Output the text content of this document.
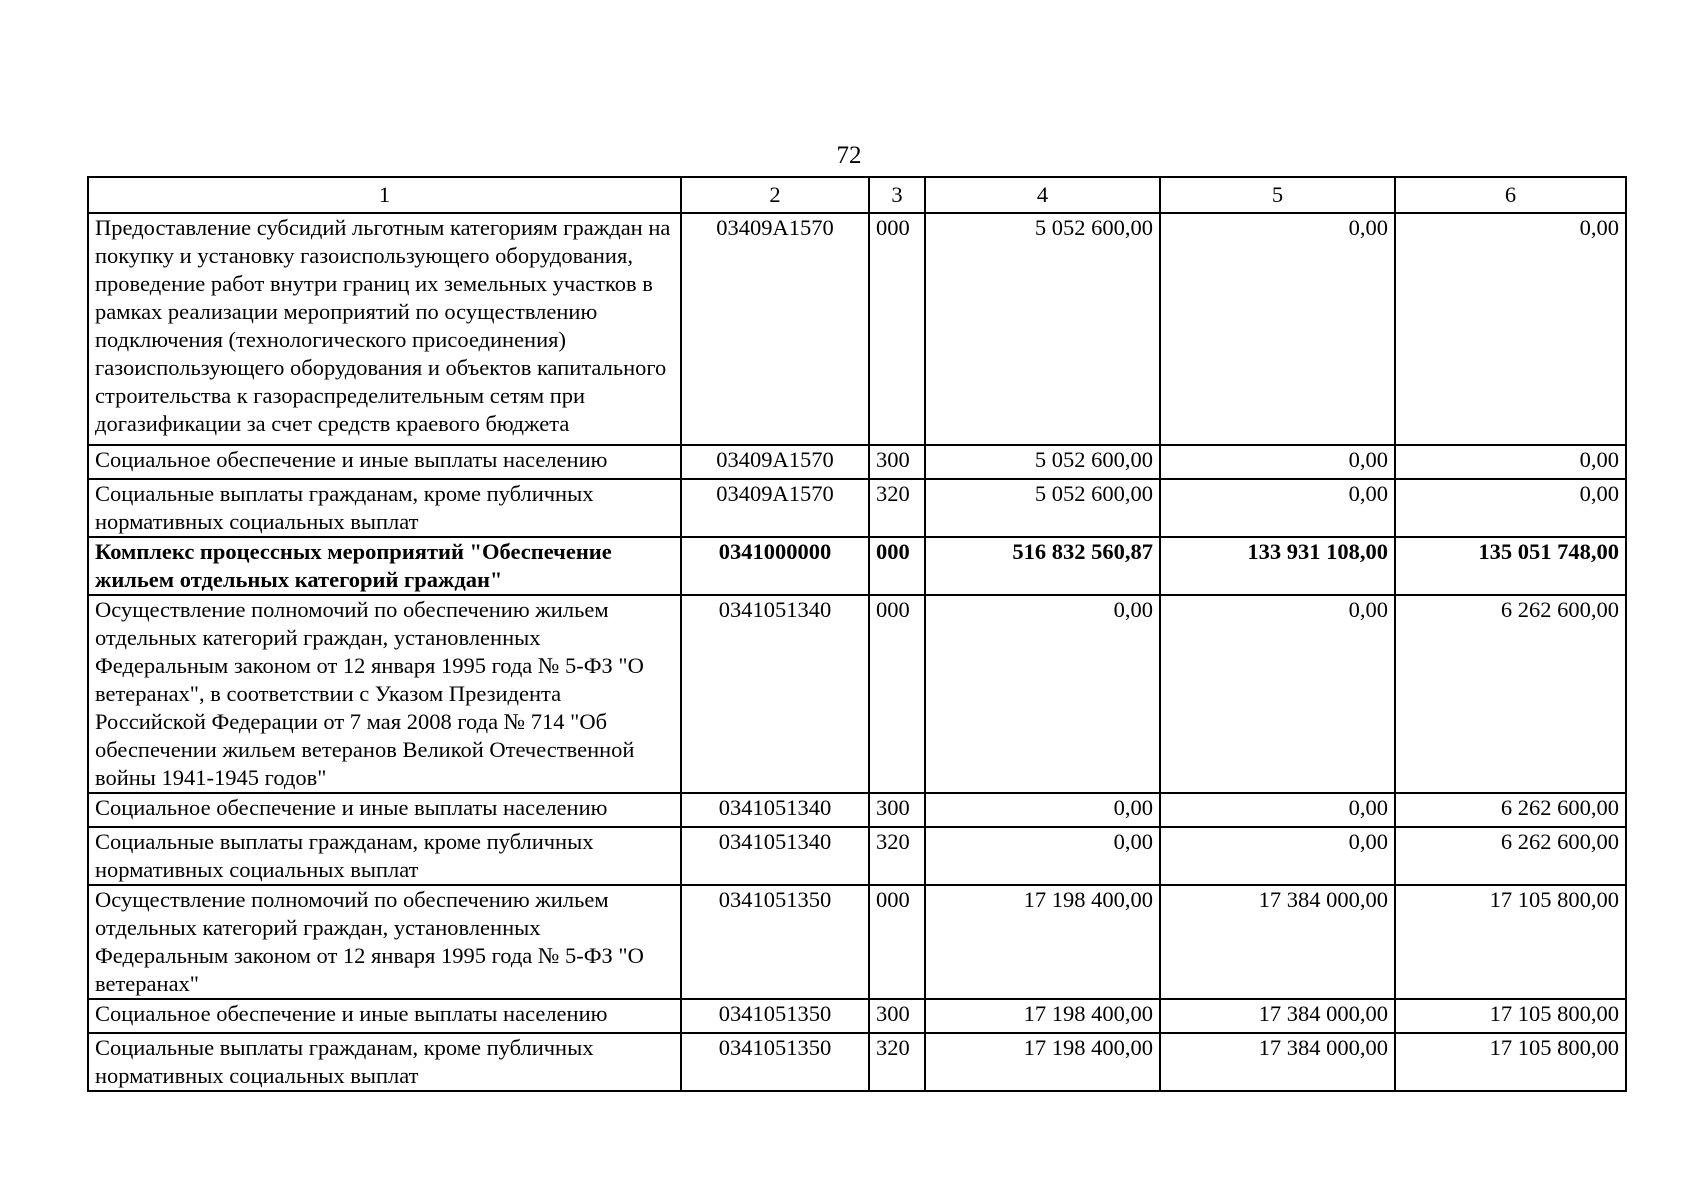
72
1	2	3	4	5	6
Предоставление субсидий льготным категориям граждан на покупку и установку газоиспользующего оборудования, проведение работ внутри границ их земельных участков в рамках реализации мероприятий по осуществлению подключения (технологического присоединения) газоиспользующего оборудования и объектов капитального строительства к газораспределительным сетям при догазификации за счет средств краевого бюджета	03409А1570	000	5 052 600,00	0,00	0,00
Социальное обеспечение и иные выплаты населению	03409А1570	300	5 052 600,00	0,00	0,00
Социальные выплаты гражданам, кроме публичных нормативных социальных выплат	03409А1570	320	5 052 600,00	0,00	0,00
Комплекс процессных мероприятий "Обеспечение жильем отдельных категорий граждан"	0341000000	000	516 832 560,87	133 931 108,00	135 051 748,00
Осуществление полномочий по обеспечению жильем отдельных категорий граждан, установленных Федеральным законом от 12 января 1995 года № 5-ФЗ "О ветеранах", в соответствии с Указом Президента Российской Федерации от 7 мая 2008 года № 714 "Об обеспечении жильем ветеранов Великой Отечественной войны 1941-1945 годов"	0341051340	000	0,00	0,00	6 262 600,00
Социальное обеспечение и иные выплаты населению	0341051340	300	0,00	0,00	6 262 600,00
Социальные выплаты гражданам, кроме публичных нормативных социальных выплат	0341051340	320	0,00	0,00	6 262 600,00
Осуществление полномочий по обеспечению жильем отдельных категорий граждан, установленных Федеральным законом от 12 января 1995 года № 5-ФЗ "О ветеранах"	0341051350	000	17 198 400,00	17 384 000,00	17 105 800,00
Социальное обеспечение и иные выплаты населению	0341051350	300	17 198 400,00	17 384 000,00	17 105 800,00
Социальные выплаты гражданам, кроме публичных нормативных социальных выплат	0341051350	320	17 198 400,00	17 384 000,00	17 105 800,00
